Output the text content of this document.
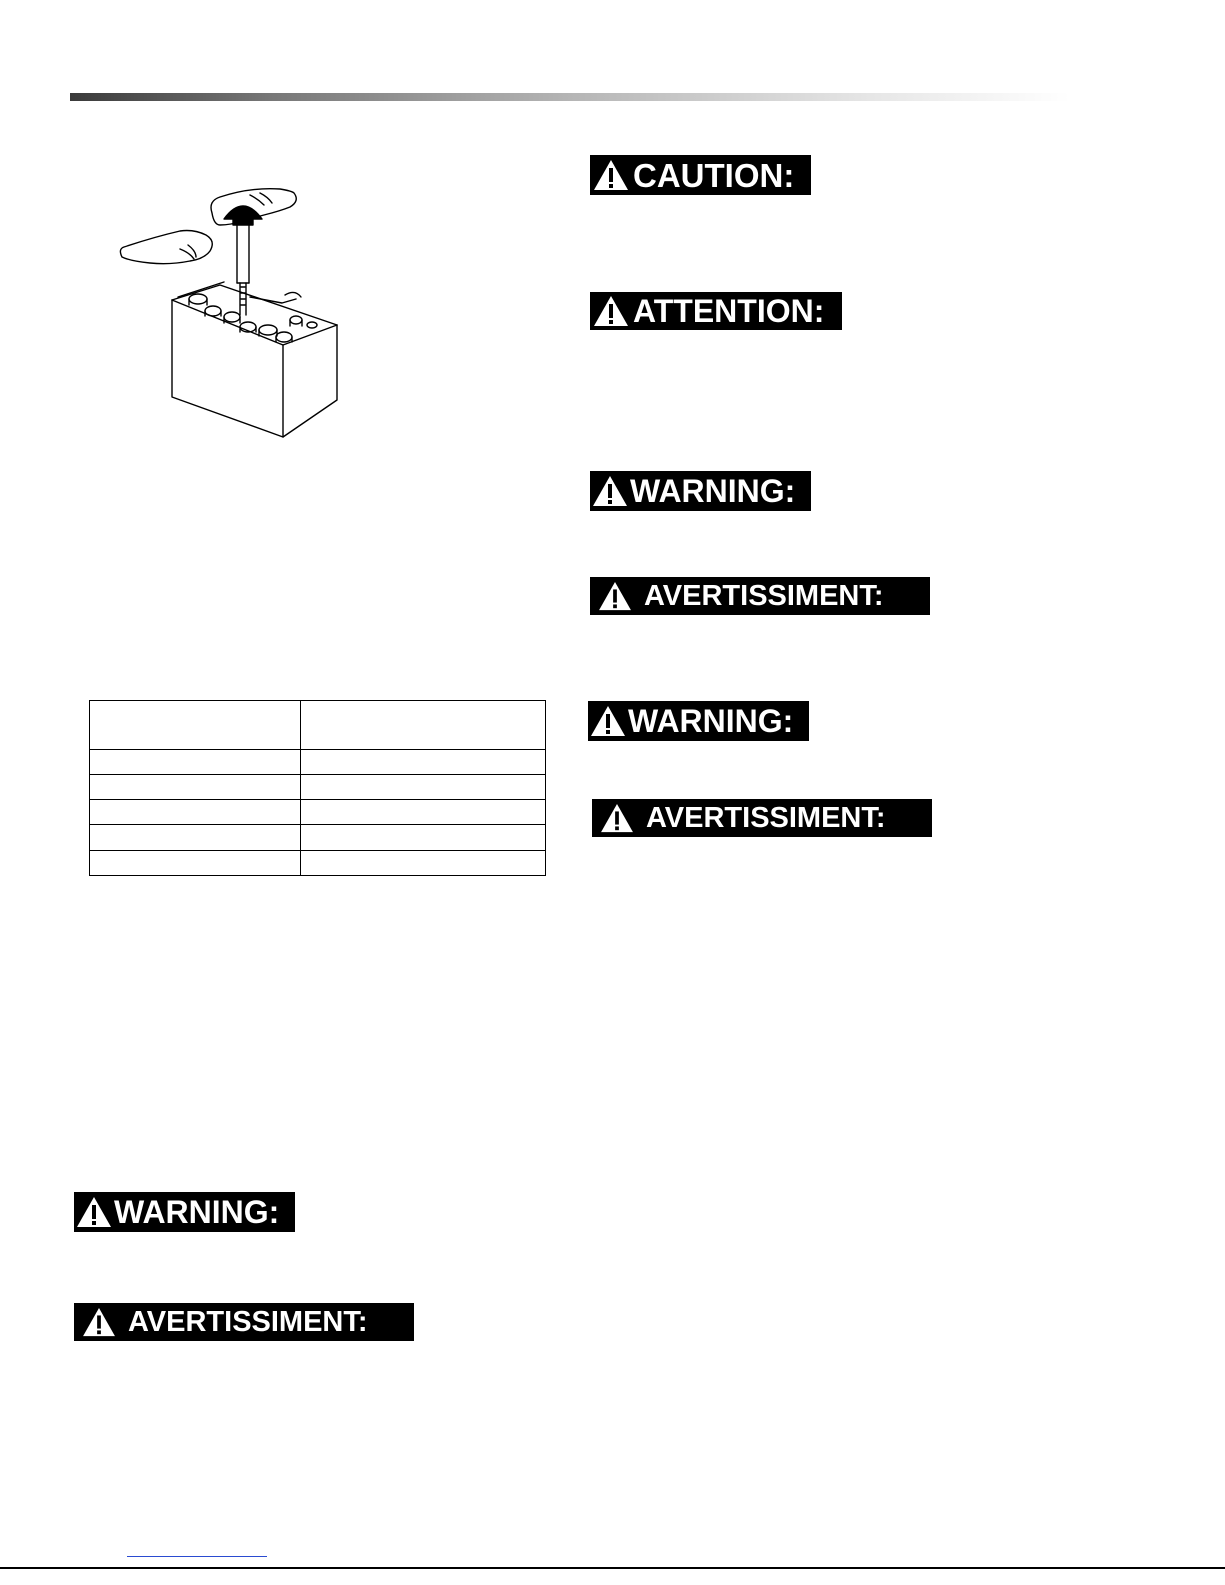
CAUTION:
ATTENTION:
WARNING:
AVERTISSIMENT:
WARNING:
AVERTISSIMENT:

WARNING:
AVERTISSIMENT:
